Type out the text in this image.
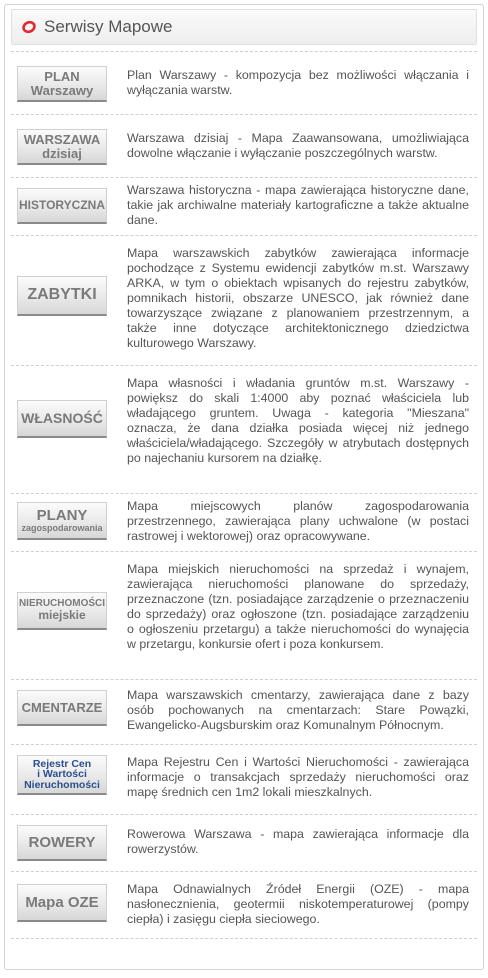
Serwisy Mapowe
PLAN
Warszawy
Plan Warszawy - kompozycja bez możliwości włączania i wyłączania warstw.
WARSZAWA
dzisiaj
Warszawa dzisiaj - Mapa Zaawansowana, umożliwiająca dowolne włączanie i wyłączanie poszczególnych warstw.
HISTORYCZNA
Warszawa historyczna - mapa zawierająca historyczne dane, takie jak archiwalne materiały kartograficzne a także aktualne dane.
ZABYTKI
Mapa warszawskich zabytków zawierająca informacje pochodzące z Systemu ewidencji zabytków m.st. Warszawy ARKA, w tym o obiektach wpisanych do rejestru zabytków, pomnikach historii, obszarze UNESCO, jak również dane towarzyszące związane z planowaniem przestrzennym, a także inne dotyczące architektonicznego dziedzictwa kulturowego Warszawy.
WŁASNOŚĆ
Mapa własności i władania gruntów m.st. Warszawy - powiększ do skali 1:4000 aby poznać właściciela lub władającego gruntem. Uwaga - kategoria "Mieszana" oznacza, że dana działka posiada więcej niż jednego właściciela/władającego. Szczegóły w atrybutach dostępnych po najechaniu kursorem na działkę.
PLANY
zagospodarowania
Mapa miejscowych planów zagospodarowania przestrzennego, zawierająca plany uchwalone (w postaci rastrowej i wektorowej) oraz opracowywane.
NIERUCHOMOŚCI
miejskie
Mapa miejskich nieruchomości na sprzedaż i wynajem, zawierająca nieruchomości planowane do sprzedaży, przeznaczone (tzn. posiadające zarządzenie o przeznaczeniu do sprzedaży) oraz ogłoszone (tzn. posiadające zarządzeniu o ogłoszeniu przetargu) a także nieruchomości do wynajęcia w przetargu, konkursie ofert i poza konkursem.
CMENTARZE
Mapa warszawskich cmentarzy, zawierająca dane z bazy osób pochowanych na cmentarzach: Stare Powązki, Ewangelicko-Augsburskim oraz Komunalnym Północnym.
Rejestr Cen
i Wartości
Nieruchomości
Mapa Rejestru Cen i Wartości Nieruchomości - zawierająca informacje o transakcjach sprzedaży nieruchomości oraz mapę średnich cen 1m2 lokali mieszkalnych.
ROWERY	Rowerowa Warszawa - mapa zawierająca informacje dla rowerzystów.
Mapa OZE
Mapa Odnawialnych Źródeł Energii (OZE) - mapa nasłonecznienia, geotermii niskotemperaturowej (pompy ciepła) i zasięgu ciepła sieciowego.
